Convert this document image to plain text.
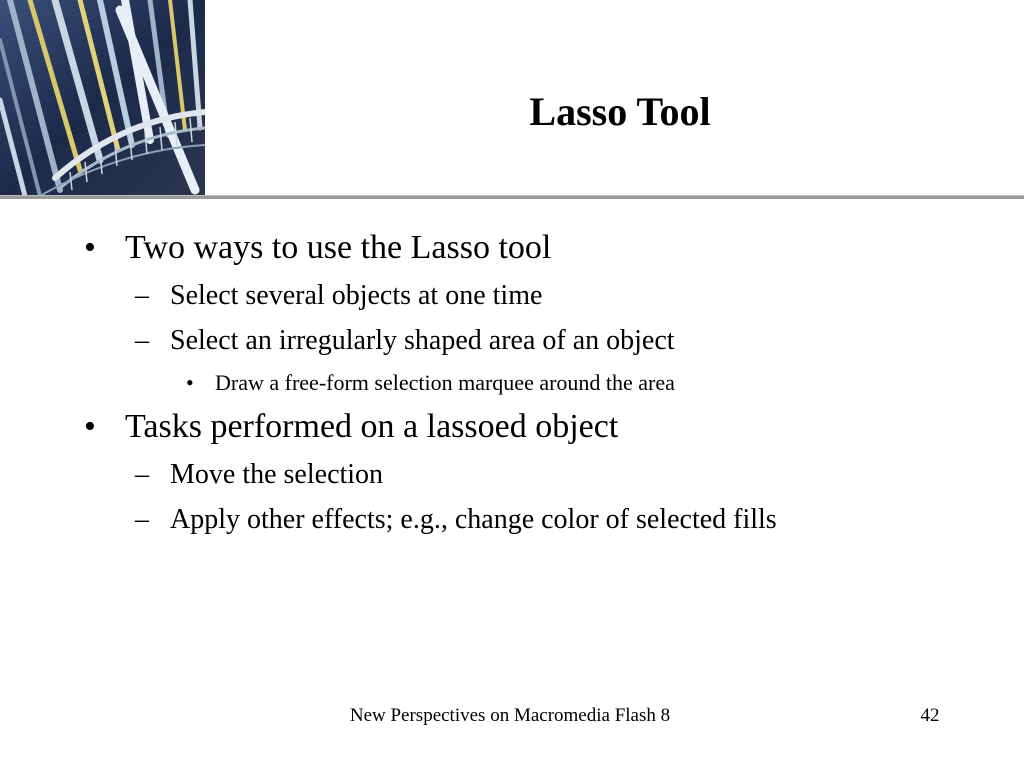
Lasso Tool
• Two ways to use the Lasso tool
– Select several objects at one time
– Select an irregularly shaped area of an object
• Draw a free-form selection marquee around the area
• Tasks performed on a lassoed object
– Move the selection
– Apply other effects; e.g., change color of selected fills
New Perspectives on Macromedia Flash 8	42
